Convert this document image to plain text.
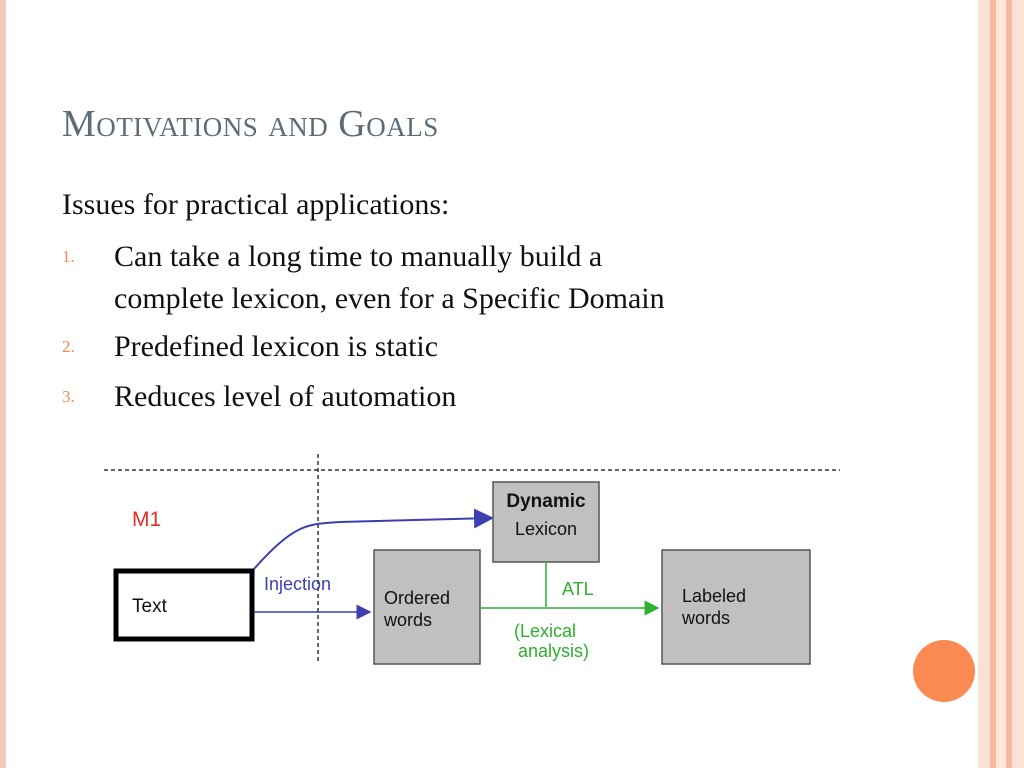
Motivations and Goals
Issues for practical applications:
1. Can take a long time to manually build a
complete lexicon, even for a Specific Domain
2. Predefined lexicon is static
3. Reduces level of automation
M1
Text
Injection
Dynamic
Lexicon
Ordered
words
ATL
(Lexical
analysis)
Labeled
words
